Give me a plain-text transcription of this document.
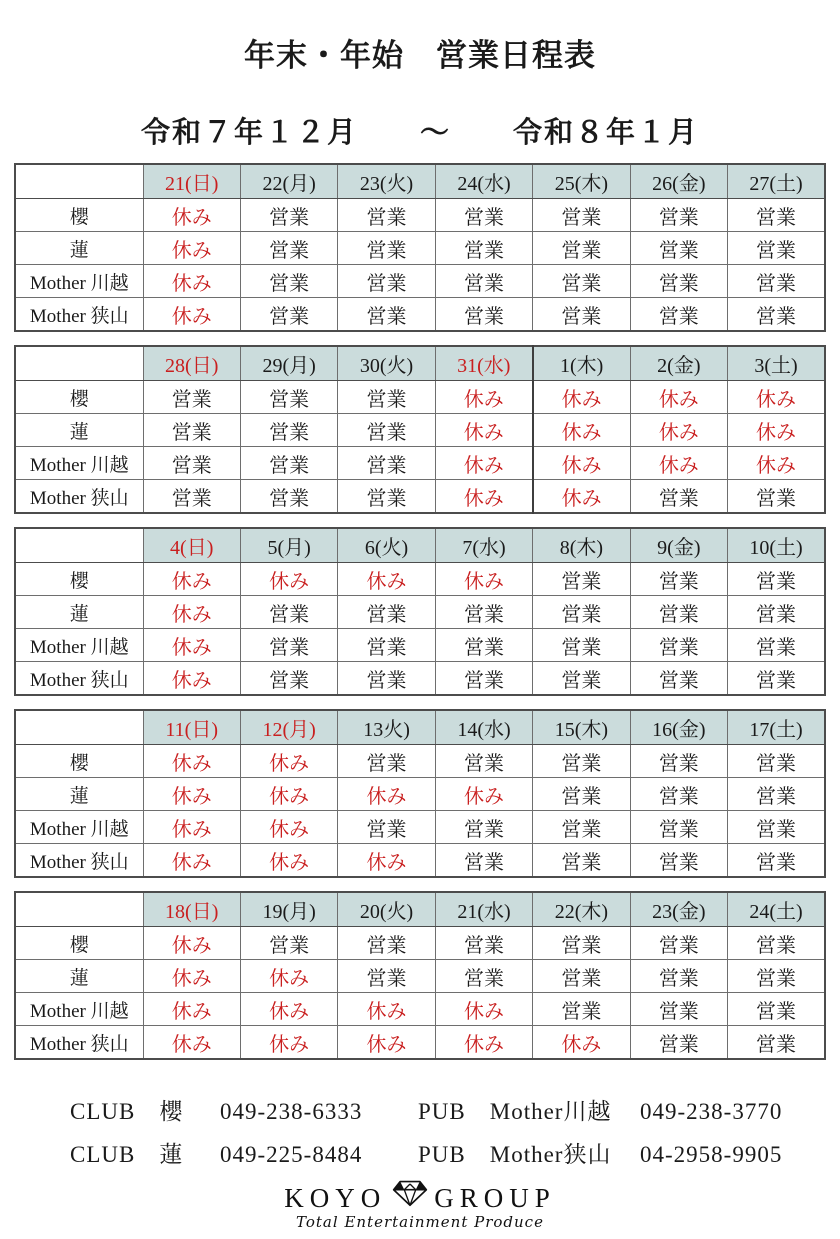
年末・年始　営業日程表
令和７年１２月　　～　　令和８年１月
	21(日)	22(月)	23(火)	24(水)	25(木)	26(金)	27(土)
櫻	休み	営業	営業	営業	営業	営業	営業
蓮	休み	営業	営業	営業	営業	営業	営業
Mother 川越	休み	営業	営業	営業	営業	営業	営業
Mother 狭山	休み	営業	営業	営業	営業	営業	営業
	28(日)	29(月)	30(火)	31(水)	1(木)	2(金)	3(土)
櫻	営業	営業	営業	休み	休み	休み	休み
蓮	営業	営業	営業	休み	休み	休み	休み
Mother 川越	営業	営業	営業	休み	休み	休み	休み
Mother 狭山	営業	営業	営業	休み	休み	営業	営業
	4(日)	5(月)	6(火)	7(水)	8(木)	9(金)	10(土)
櫻	休み	休み	休み	休み	営業	営業	営業
蓮	休み	営業	営業	営業	営業	営業	営業
Mother 川越	休み	営業	営業	営業	営業	営業	営業
Mother 狭山	休み	営業	営業	営業	営業	営業	営業
	11(日)	12(月)	13火)	14(水)	15(木)	16(金)	17(土)
櫻	休み	休み	営業	営業	営業	営業	営業
蓮	休み	休み	休み	休み	営業	営業	営業
Mother 川越	休み	休み	営業	営業	営業	営業	営業
Mother 狭山	休み	休み	休み	営業	営業	営業	営業
	18(日)	19(月)	20(火)	21(水)	22(木)	23(金)	24(土)
櫻	休み	営業	営業	営業	営業	営業	営業
蓮	休み	休み	営業	営業	営業	営業	営業
Mother 川越	休み	休み	休み	休み	営業	営業	営業
Mother 狭山	休み	休み	休み	休み	休み	営業	営業
CLUB　櫻	049-238-6333	PUB　Mother川越	049-238-3770
CLUB　蓮	049-225-8484	PUB　Mother狭山	04-2958-9905
KOYO GROUP
Total Entertainment Produce
